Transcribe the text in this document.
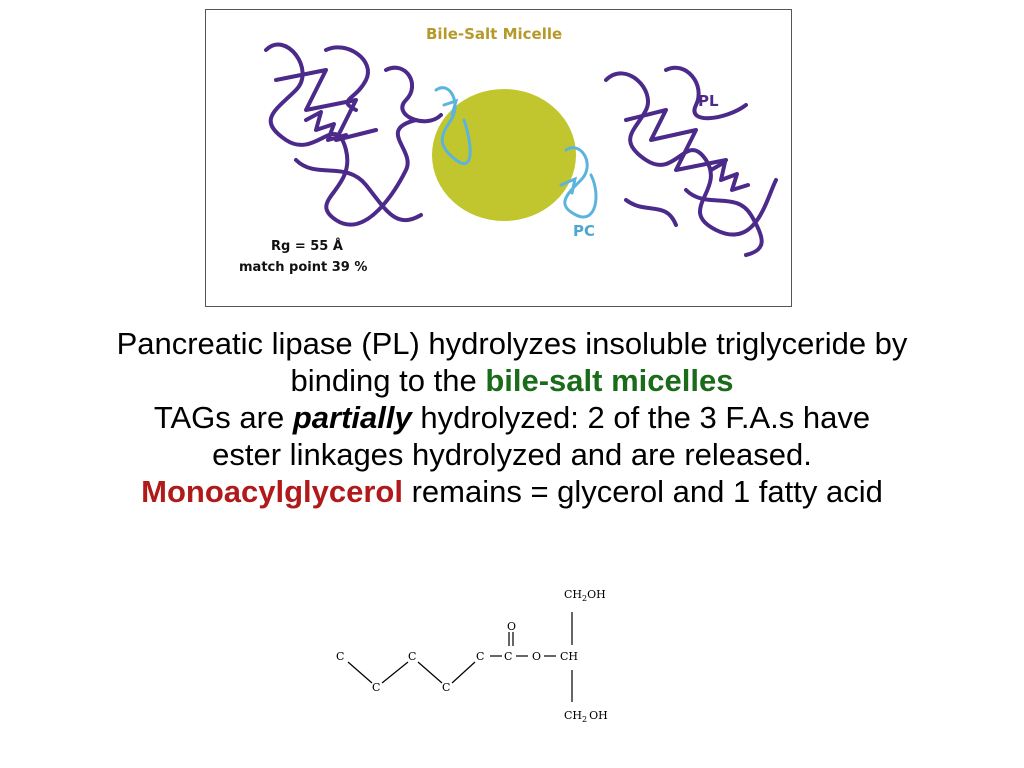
Bile-Salt Micelle
PL
PC
Rg = 55 Å
match point 39 %

Pancreatic lipase (PL) hydrolyzes insoluble triglyceride by

binding to the bile-salt micelles

TAGs are partially hydrolyzed: 2 of the 3 F.A.s have

ester linkages hydrolyzed and are released.

Monoacylglycerol remains = glycerol and 1 fatty acid

C
C
C
C
C C
O
O CH
$CH_2OH$
$CH_2$ OH
